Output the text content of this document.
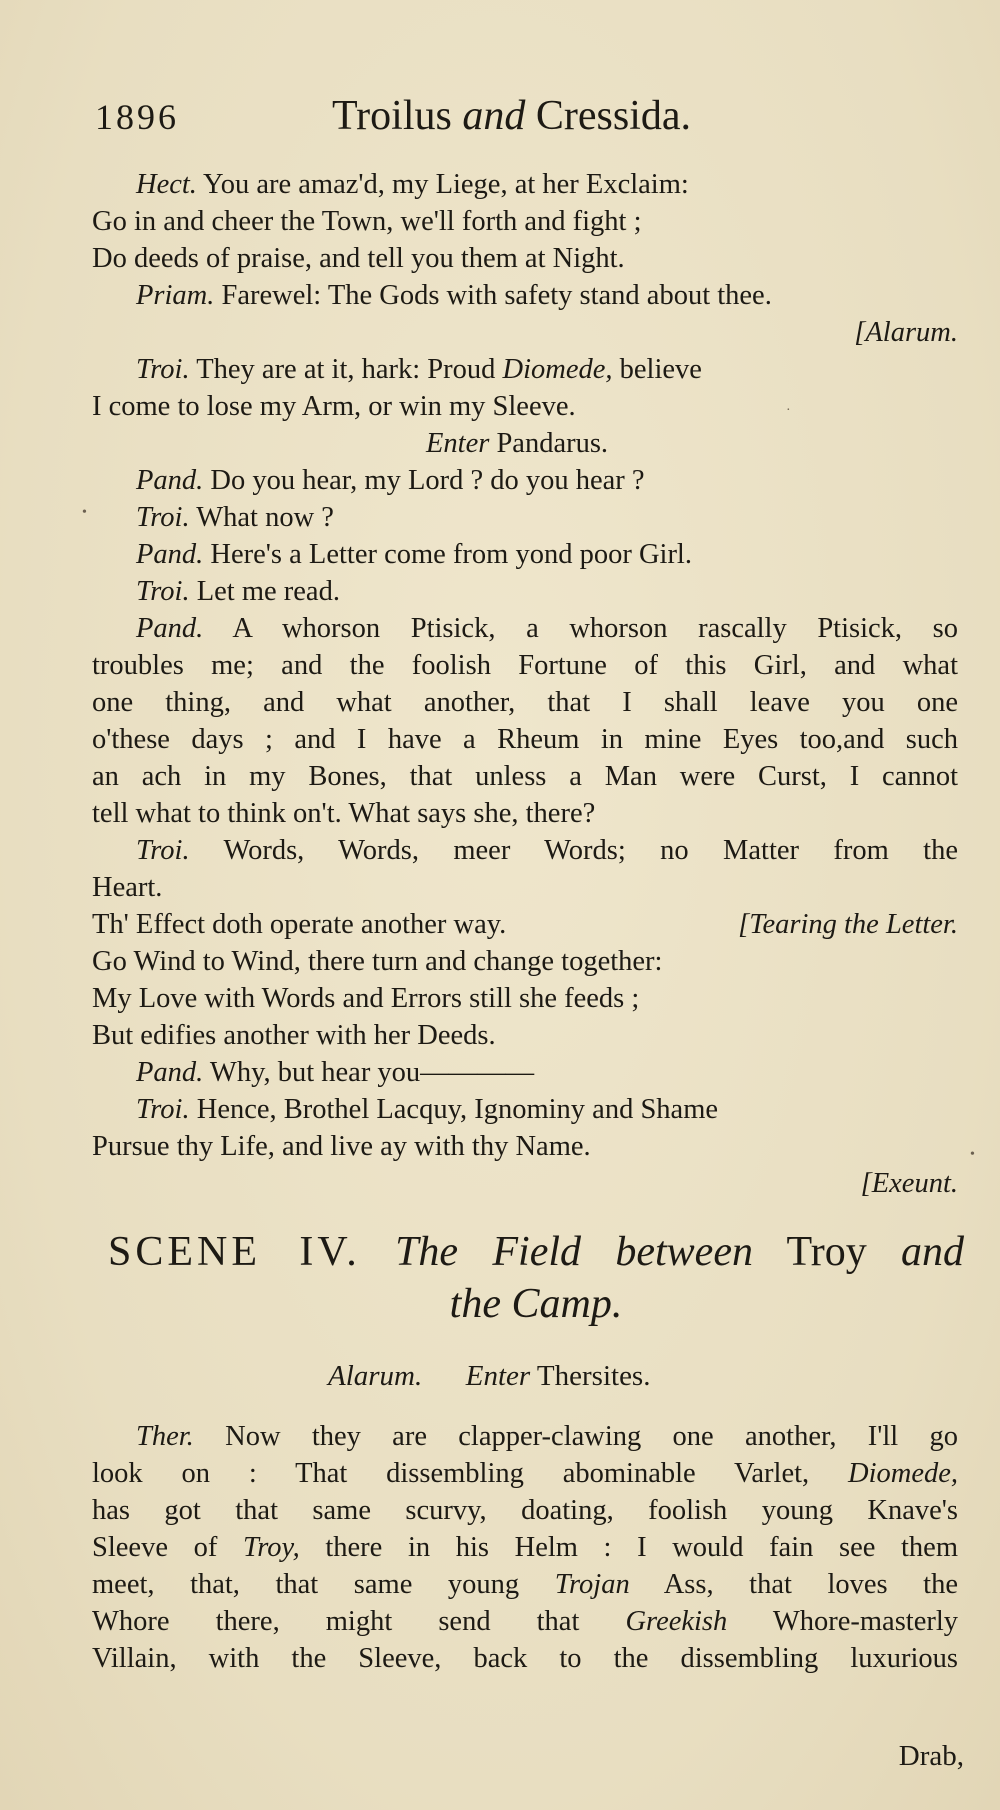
1896	Troilus and Cressida.
Hect. You are amaz'd, my Liege, at her Exclaim:
Go in and cheer the Town, we'll forth and fight ;
Do deeds of praise, and tell you them at Night.
Priam. Farewel: The Gods with safety stand about thee.
[Alarum.
Troi. They are at it, hark: Proud Diomede, believe
I come to lose my Arm, or win my Sleeve.
Enter Pandarus.
Pand. Do you hear, my Lord ? do you hear ?
Troi. What now ?
Pand. Here's a Letter come from yond poor Girl.
Troi. Let me read.
Pand. A whorson Ptisick, a whorson rascally Ptisick, so
troubles me; and the foolish Fortune of this Girl, and what
one thing, and what another, that I shall leave you one
o'these days ; and I have a Rheum in mine Eyes too,and such
an ach in my Bones, that unless a Man were Curst, I cannot
tell what to think on't. What says she, there?
Troi. Words, Words, meer Words; no Matter from the
Heart.
Th' Effect doth operate another way.	[Tearing the Letter.
Go Wind to Wind, there turn and change together:
My Love with Words and Errors still she feeds ;
But edifies another with her Deeds.
Pand. Why, but hear you————
Troi. Hence, Brothel Lacquy, Ignominy and Shame
Pursue thy Life, and live ay with thy Name.
[Exeunt.
SCENE IV. The Field between Troy and
the Camp.
Alarum. Enter Thersites.
Ther. Now they are clapper-clawing one another, I'll go
look on : That dissembling abominable Varlet, Diomede,
has got that same scurvy, doating, foolish young Knave's
Sleeve of Troy, there in his Helm : I would fain see them
meet, that, that same young Trojan Ass, that loves the
Whore there, might send that Greekish Whore-masterly
Villain, with the Sleeve, back to the dissembling luxurious
Drab,
•
·
•
